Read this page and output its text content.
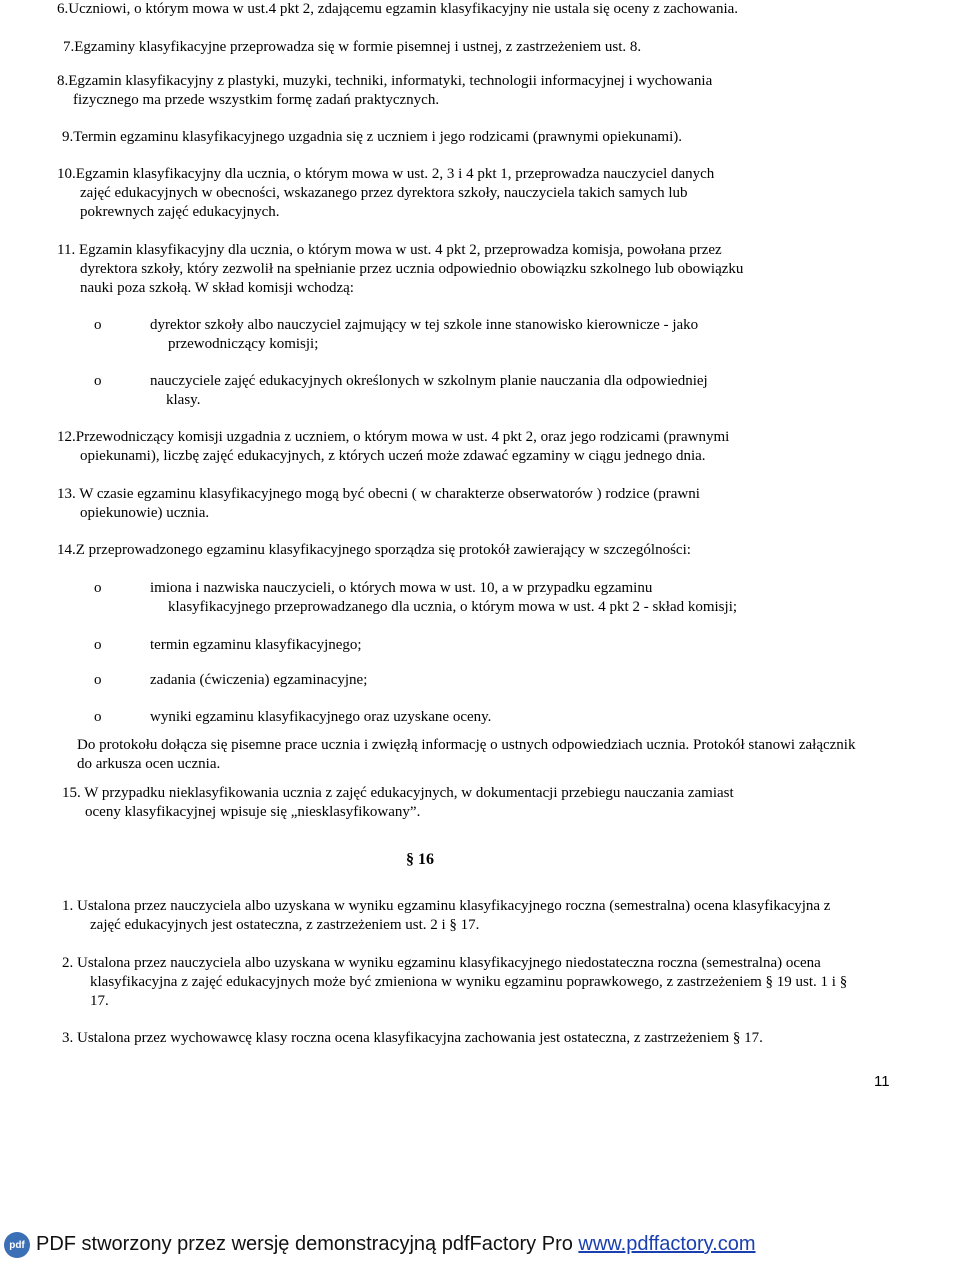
6.Uczniowi, o którym mowa w ust.4 pkt 2, zdającemu egzamin klasyfikacyjny nie ustala się oceny z zachowania.
7.Egzaminy klasyfikacyjne przeprowadza się w formie pisemnej i ustnej, z zastrzeżeniem ust. 8.
8.Egzamin klasyfikacyjny z plastyki, muzyki, techniki, informatyki, technologii informacyjnej i wychowania
fizycznego ma przede wszystkim formę zadań praktycznych.
9.Termin egzaminu klasyfikacyjnego uzgadnia się z uczniem i jego rodzicami (prawnymi opiekunami).
10.Egzamin klasyfikacyjny dla ucznia, o którym mowa w ust. 2, 3 i 4 pkt 1, przeprowadza nauczyciel danych
zajęć edukacyjnych w obecności, wskazanego przez dyrektora szkoły, nauczyciela takich samych lub
pokrewnych zajęć edukacyjnych.
11. Egzamin klasyfikacyjny dla ucznia, o którym mowa w ust. 4 pkt 2, przeprowadza komisja, powołana przez
dyrektora szkoły, który zezwolił na spełnianie przez ucznia odpowiednio obowiązku szkolnego lub obowiązku
nauki poza szkołą. W skład komisji wchodzą:
o	dyrektor szkoły albo nauczyciel zajmujący w tej szkole inne stanowisko kierownicze - jako
przewodniczący komisji;
o	nauczyciele zajęć edukacyjnych określonych w szkolnym planie nauczania dla odpowiedniej
klasy.
12.Przewodniczący komisji uzgadnia z uczniem, o którym mowa w ust. 4 pkt 2, oraz jego rodzicami (prawnymi
opiekunami), liczbę zajęć edukacyjnych, z których uczeń może zdawać egzaminy w ciągu jednego dnia.
13. W czasie egzaminu klasyfikacyjnego mogą być obecni ( w charakterze obserwatorów ) rodzice (prawni
opiekunowie) ucznia.
14.Z przeprowadzonego egzaminu klasyfikacyjnego sporządza się protokół zawierający w szczególności:
o	imiona i nazwiska nauczycieli, o których mowa w ust. 10, a w przypadku egzaminu
klasyfikacyjnego przeprowadzanego dla ucznia, o którym mowa w ust. 4 pkt 2 - skład komisji;
o	termin egzaminu klasyfikacyjnego;
o	zadania (ćwiczenia) egzaminacyjne;
o	wyniki egzaminu klasyfikacyjnego oraz uzyskane oceny.
Do protokołu dołącza się pisemne prace ucznia i zwięzłą informację o ustnych odpowiedziach ucznia. Protokół stanowi załącznik
do arkusza ocen ucznia.
15. W przypadku nieklasyfikowania ucznia z zajęć edukacyjnych, w dokumentacji przebiegu nauczania zamiast
oceny klasyfikacyjnej wpisuje się „niesklasyfikowany”.
§ 16
1. Ustalona przez nauczyciela albo uzyskana w wyniku egzaminu klasyfikacyjnego roczna (semestralna) ocena klasyfikacyjna z
zajęć edukacyjnych jest ostateczna, z zastrzeżeniem ust. 2 i § 17.
2. Ustalona przez nauczyciela albo uzyskana w wyniku egzaminu klasyfikacyjnego niedostateczna roczna (semestralna) ocena
klasyfikacyjna z zajęć edukacyjnych może być zmieniona w wyniku egzaminu poprawkowego, z zastrzeżeniem § 19 ust. 1 i §
17.
3. Ustalona przez wychowawcę klasy roczna ocena klasyfikacyjna zachowania jest ostateczna, z zastrzeżeniem § 17.
11
pdf PDF stworzony przez wersję demonstracyjną pdfFactory Pro www.pdffactory.com
